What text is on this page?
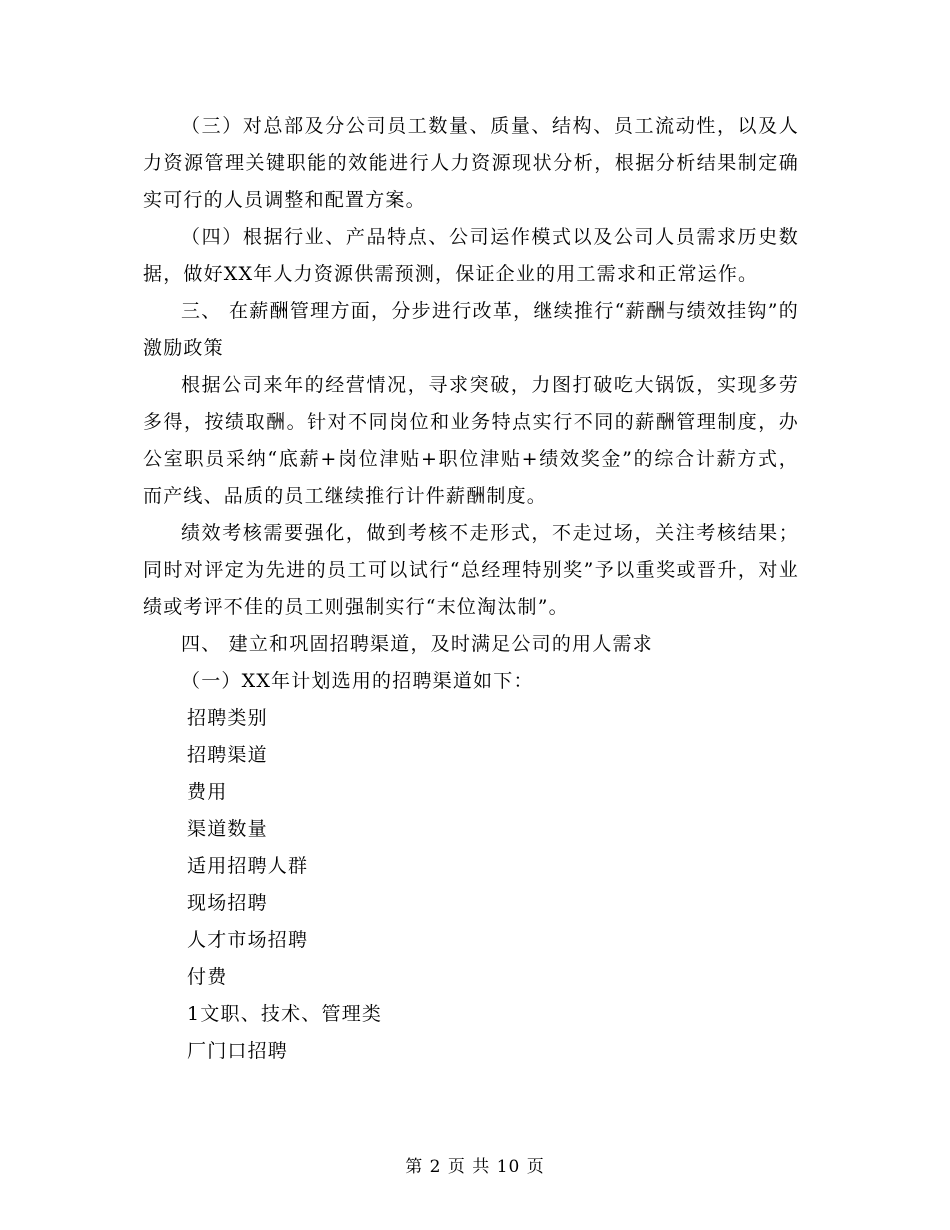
（三）对总部及分公司员工数量、质量、结构、员工流动性，以及人力资源管理关键职能的效能进行人力资源现状分析，根据分析结果制定确实可行的人员调整和配置方案。

（四）根据行业、产品特点、公司运作模式以及公司人员需求历史数据，做好XX年人力资源供需预测，保证企业的用工需求和正常运作。

三、 在薪酬管理方面，分步进行改革，继续推行“薪酬与绩效挂钩”的激励政策

根据公司来年的经营情况，寻求突破，力图打破吃大锅饭，实现多劳多得，按绩取酬。针对不同岗位和业务特点实行不同的薪酬管理制度，办公室职员采纳“底薪+岗位津贴+职位津贴+绩效奖金”的综合计薪方式，而产线、品质的员工继续推行计件薪酬制度。

绩效考核需要强化，做到考核不走形式，不走过场，关注考核结果；同时对评定为先进的员工可以试行“总经理特别奖”予以重奖或晋升，对业绩或考评不佳的员工则强制实行“末位淘汰制”。

四、 建立和巩固招聘渠道，及时满足公司的用人需求

（一）XX年计划选用的招聘渠道如下：

招聘类别

招聘渠道

费用

渠道数量

适用招聘人群

现场招聘

人才市场招聘

付费

1文职、技术、管理类

厂门口招聘

第 2 页 共 10 页
